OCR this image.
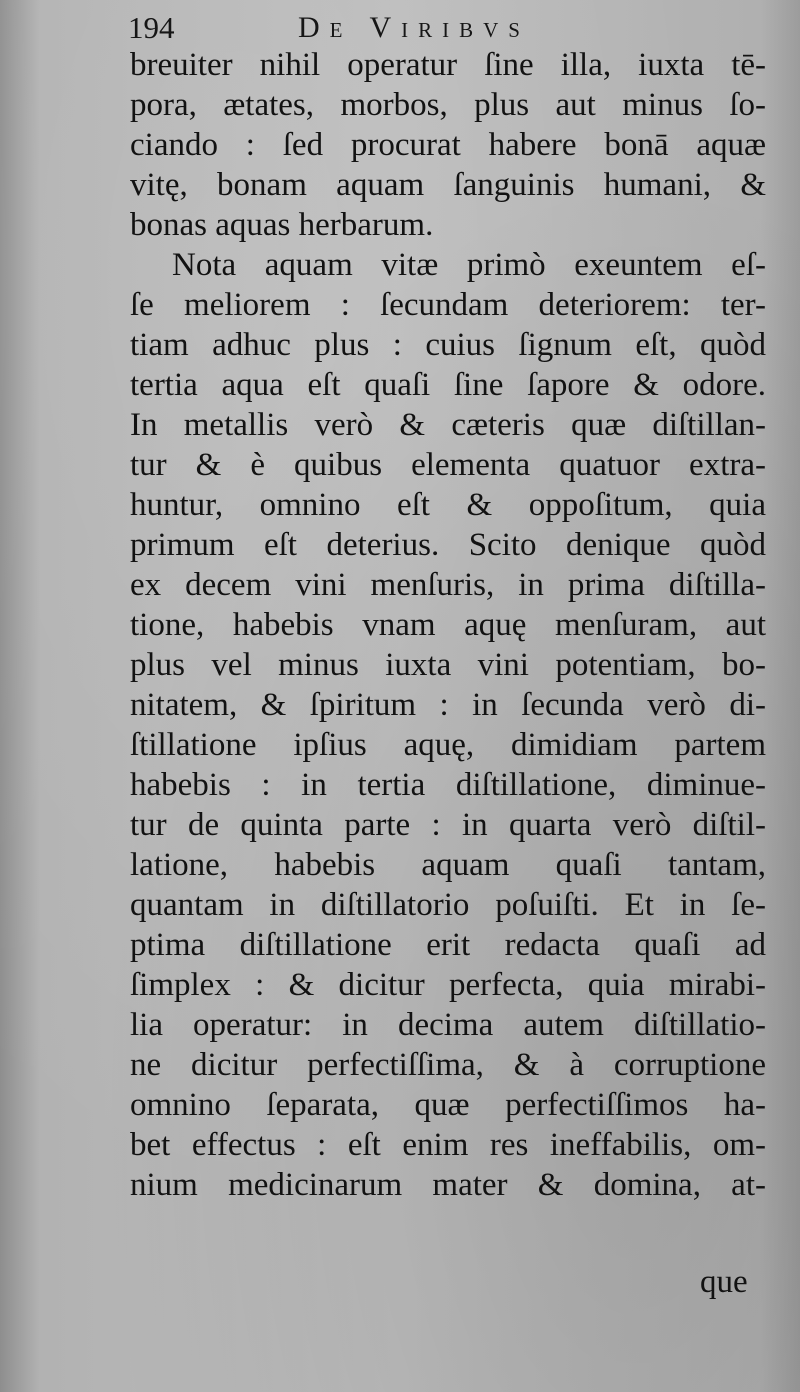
194	De Viribvs
breuiter nihil operatur ſine illa, iuxta tē-
pora, ætates, morbos, plus aut minus ſo-
ciando : ſed procurat habere bonā aquæ
vitę, bonam aquam ſanguinis humani, &
bonas aquas herbarum.
Nota aquam vitæ primò exeuntem eſ-
ſe meliorem : ſecundam deteriorem: ter-
tiam adhuc plus : cuius ſignum eſt, quòd
tertia aqua eſt quaſi ſine ſapore & odore.
In metallis verò & cæteris quæ diſtillan-
tur & è quibus elementa quatuor extra-
huntur, omnino eſt & oppoſitum, quia
primum eſt deterius. Scito denique quòd
ex decem vini menſuris, in prima diſtilla-
tione, habebis vnam aquę menſuram, aut
plus vel minus iuxta vini potentiam, bo-
nitatem, & ſpiritum : in ſecunda verò di-
ſtillatione ipſius aquę, dimidiam partem
habebis : in tertia diſtillatione, diminue-
tur de quinta parte : in quarta verò diſtil-
latione, habebis aquam quaſi tantam,
quantam in diſtillatorio poſuiſti. Et in ſe-
ptima diſtillatione erit redacta quaſi ad
ſimplex : & dicitur perfecta, quia mirabi-
lia operatur: in decima autem diſtillatio-
ne dicitur perfectiſſima, & à corruptione
omnino ſeparata, quæ perfectiſſimos ha-
bet effectus : eſt enim res ineffabilis, om-
nium medicinarum mater & domina, at-
que
